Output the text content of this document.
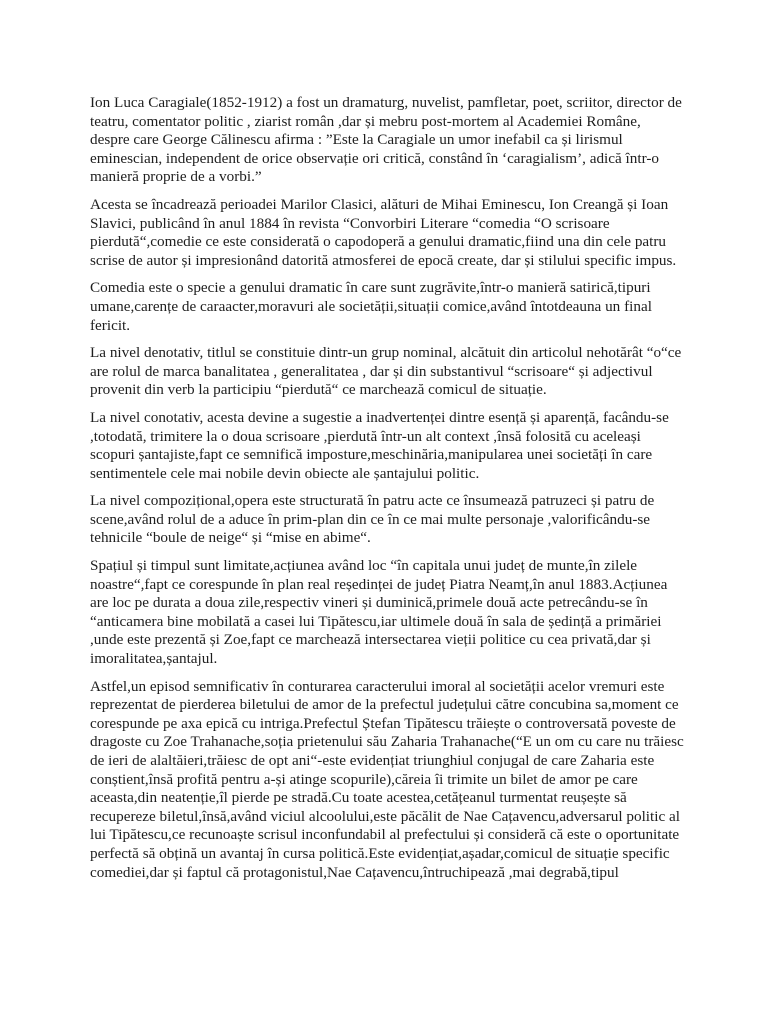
Ion Luca Caragiale(1852-1912) a fost un dramaturg, nuvelist, pamfletar, poet, scriitor, director de teatru, comentator politic , ziarist român ,dar și mebru post-mortem al Academiei Române, despre care George Călinescu afirma : ”Este la Caragiale un umor inefabil ca și lirismul eminescian, independent de orice observație ori critică, constând în ‘caragialism’, adică într-o manieră proprie de a vorbi.”

Acesta se încadrează perioadei Marilor Clasici, alături de Mihai Eminescu, Ion Creangă și Ioan Slavici, publicând în anul 1884 în revista “Convorbiri Literare “comedia “O scrisoare pierdută“,comedie ce este considerată o capodoperă a genului dramatic,fiind una din cele patru scrise de autor și impresionând datorită atmosferei de epocă create, dar și stilului specific impus.

Comedia este o specie a genului dramatic în care sunt zugrăvite,într-o manieră satirică,tipuri umane,carențe de caraacter,moravuri ale societății,situații comice,având întotdeauna un final fericit.

La nivel denotativ, titlul se constituie dintr-un grup nominal, alcătuit din articolul nehotărât “o“ce are rolul de marca banalitatea , generalitatea , dar și din substantivul “scrisoare“ și adjectivul provenit din verb la participiu “pierdută“ ce marchează comicul de situație.

La nivel conotativ, acesta devine a sugestie a inadvertenței dintre esență și aparență, facându-se ,totodată, trimitere la o doua scrisoare ,pierdută într-un alt context ,însă folosită cu aceleași scopuri șantajiste,fapt ce semnifică imposture,meschinăria,manipularea unei societăți în care sentimentele cele mai nobile devin obiecte ale șantajului politic.

La nivel compozițional,opera este structurată în patru acte ce însumează patruzeci și patru de scene,având rolul de a aduce în prim-plan din ce în ce mai multe personaje ,valorificându-se tehnicile “boule de neige“ și “mise en abime“.

Spațiul și timpul sunt limitate,acțiunea având loc “în capitala unui județ de munte,în zilele noastre“,fapt ce corespunde în plan real reședinței de județ Piatra Neamț,în anul 1883.Acțiunea are loc pe durata a doua zile,respectiv vineri și duminică,primele două acte petrecându-se în “anticamera bine mobilată a casei lui Tipătescu,iar ultimele două în sala de ședință a primăriei ,unde este prezentă și Zoe,fapt ce marchează intersectarea vieții politice cu cea privată,dar și imoralitatea,șantajul.

Astfel,un episod semnificativ în conturarea caracterului imoral al societății acelor vremuri este reprezentat de pierderea biletului de amor de la prefectul județului către concubina sa,moment ce corespunde pe axa epică cu intriga.Prefectul Ștefan Tipătescu trăiește o controversată poveste de dragoste cu Zoe Trahanache,soția prietenului său Zaharia Trahanache(“E un om cu care nu trăiesc de ieri de alaltăieri,trăiesc de opt ani“-este evidențiat triunghiul conjugal de care Zaharia este conștient,însă profită pentru a-și atinge scopurile),căreia îi trimite un bilet de amor pe care aceasta,din neatenție,îl pierde pe stradă.Cu toate acestea,cetățeanul turmentat reușește să recupereze biletul,însă,având viciul alcoolului,este păcălit de Nae Cațavencu,adversarul politic al lui Tipătescu,ce recunoaște scrisul inconfundabil al prefectului și consideră că este o oportunitate perfectă să obțină un avantaj în cursa politică.Este evidențiat,așadar,comicul de situație specific comediei,dar și faptul că protagonistul,Nae Cațavencu,întruchipează ,mai degrabă,tipul
